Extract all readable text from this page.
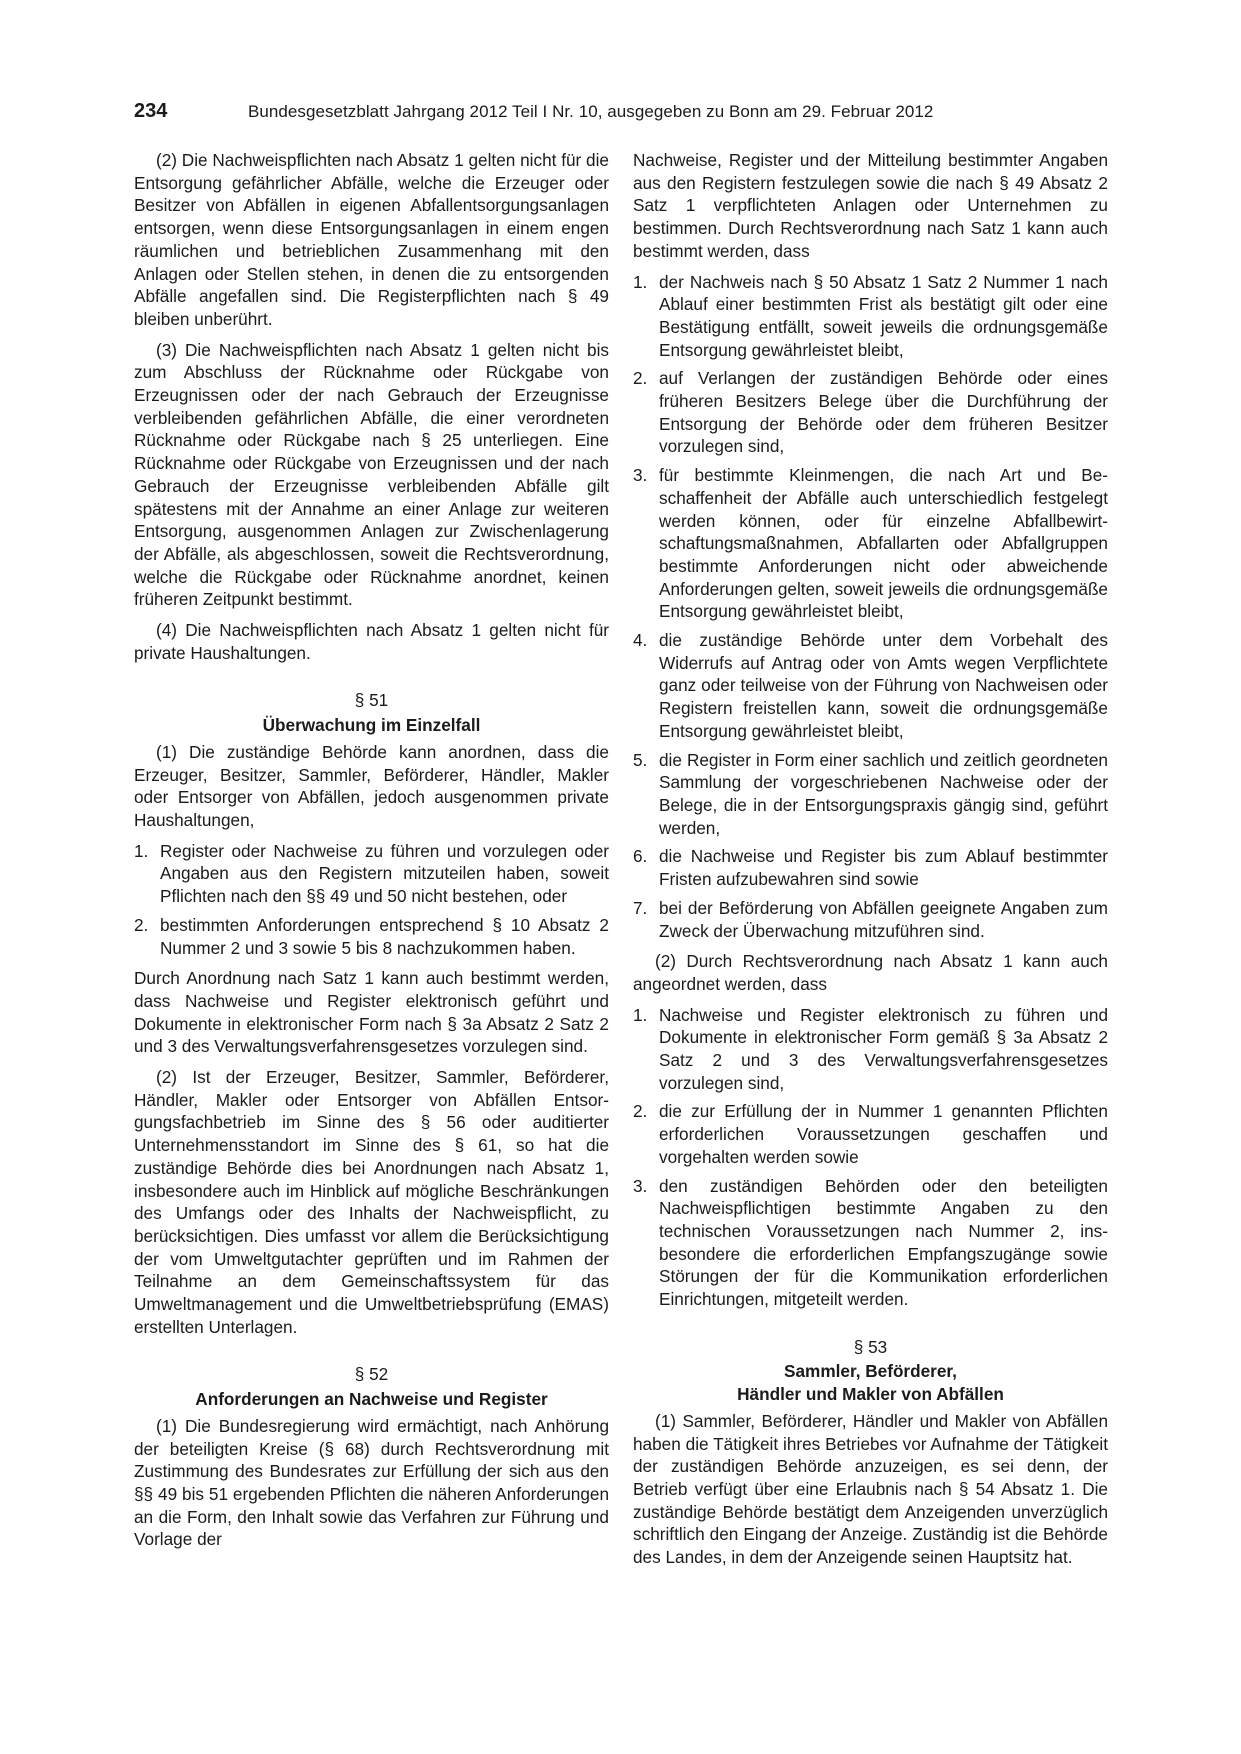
234	Bundesgesetzblatt Jahrgang 2012 Teil I Nr. 10, ausgegeben zu Bonn am 29. Februar 2012

(2) Die Nachweispflichten nach Absatz 1 gelten nicht für die Entsorgung gefährlicher Abfälle, welche die Erzeuger oder Besitzer von Abfällen in eigenen Abfallentsorgungsanlagen entsorgen, wenn diese Entsorgungsanlagen in einem engen räumlichen und betrieblichen Zusammenhang mit den Anlagen oder Stellen stehen, in denen die zu entsorgenden Abfälle angefallen sind. Die Registerpflichten nach § 49 bleiben unberührt.

(3) Die Nachweispflichten nach Absatz 1 gelten nicht bis zum Abschluss der Rücknahme oder Rückgabe von Erzeugnissen oder der nach Gebrauch der Erzeugnisse verbleibenden gefährlichen Abfälle, die einer verordneten Rücknahme oder Rückgabe nach § 25 unterliegen. Eine Rücknahme oder Rückgabe von Erzeugnissen und der nach Gebrauch der Erzeugnisse verbleibenden Abfälle gilt spätestens mit der Annahme an einer Anlage zur weiteren Entsorgung, ausgenommen Anlagen zur Zwischenlagerung der Abfälle, als abgeschlossen, soweit die Rechtsverordnung, welche die Rückgabe oder Rücknahme anordnet, keinen früheren Zeitpunkt bestimmt.

(4) Die Nachweispflichten nach Absatz 1 gelten nicht für private Haushaltungen.

§ 51
Überwachung im Einzelfall

(1) Die zuständige Behörde kann anordnen, dass die Erzeuger, Besitzer, Sammler, Beförderer, Händler, Makler oder Entsorger von Abfällen, jedoch ausgenommen private Haushaltungen,

1. Register oder Nachweise zu führen und vorzulegen oder Angaben aus den Registern mitzuteilen haben, soweit Pflichten nach den §§ 49 und 50 nicht bestehen, oder
2. bestimmten Anforderungen entsprechend § 10 Absatz 2 Nummer 2 und 3 sowie 5 bis 8 nachzukommen haben.

Durch Anordnung nach Satz 1 kann auch bestimmt werden, dass Nachweise und Register elektronisch geführt und Dokumente in elektronischer Form nach § 3a Absatz 2 Satz 2 und 3 des Verwaltungsverfahrensgesetzes vorzulegen sind.

(2) Ist der Erzeuger, Besitzer, Sammler, Beförderer, Händler, Makler oder Entsorger von Abfällen Entsorgungsfachbetrieb im Sinne des § 56 oder auditierter Unternehmensstandort im Sinne des § 61, so hat die zuständige Behörde dies bei Anordnungen nach Absatz 1, insbesondere auch im Hinblick auf mögliche Beschränkungen des Umfangs oder des Inhalts der Nachweispflicht, zu berücksichtigen. Dies umfasst vor allem die Berücksichtigung der vom Umweltgutachter geprüften und im Rahmen der Teilnahme an dem Gemeinschaftssystem für das Umweltmanagement und die Umweltbetriebsprüfung (EMAS) erstellten Unterlagen.

§ 52
Anforderungen an Nachweise und Register

(1) Die Bundesregierung wird ermächtigt, nach Anhörung der beteiligten Kreise (§ 68) durch Rechtsverordnung mit Zustimmung des Bundesrates zur Erfüllung der sich aus den §§ 49 bis 51 ergebenden Pflichten die näheren Anforderungen an die Form, den Inhalt sowie das Verfahren zur Führung und Vorlage der

Nachweise, Register und der Mitteilung bestimmter Angaben aus den Registern festzulegen sowie die nach § 49 Absatz 2 Satz 1 verpflichteten Anlagen oder Unternehmen zu bestimmen. Durch Rechtsverordnung nach Satz 1 kann auch bestimmt werden, dass

1. der Nachweis nach § 50 Absatz 1 Satz 2 Nummer 1 nach Ablauf einer bestimmten Frist als bestätigt gilt oder eine Bestätigung entfällt, soweit jeweils die ordnungsgemäße Entsorgung gewährleistet bleibt,
2. auf Verlangen der zuständigen Behörde oder eines früheren Besitzers Belege über die Durchführung der Entsorgung der Behörde oder dem früheren Besitzer vorzulegen sind,
3. für bestimmte Kleinmengen, die nach Art und Beschaffenheit der Abfälle auch unterschiedlich festgelegt werden können, oder für einzelne Abfallbewirtschaftungsmaßnahmen, Abfallarten oder Abfallgruppen bestimmte Anforderungen nicht oder abweichende Anforderungen gelten, soweit jeweils die ordnungsgemäße Entsorgung gewährleistet bleibt,
4. die zuständige Behörde unter dem Vorbehalt des Widerrufs auf Antrag oder von Amts wegen Verpflichtete ganz oder teilweise von der Führung von Nachweisen oder Registern freistellen kann, soweit die ordnungsgemäße Entsorgung gewährleistet bleibt,
5. die Register in Form einer sachlich und zeitlich geordneten Sammlung der vorgeschriebenen Nachweise oder der Belege, die in der Entsorgungspraxis gängig sind, geführt werden,
6. die Nachweise und Register bis zum Ablauf bestimmter Fristen aufzubewahren sind sowie
7. bei der Beförderung von Abfällen geeignete Angaben zum Zweck der Überwachung mitzuführen sind.

(2) Durch Rechtsverordnung nach Absatz 1 kann auch angeordnet werden, dass

1. Nachweise und Register elektronisch zu führen und Dokumente in elektronischer Form gemäß § 3a Absatz 2 Satz 2 und 3 des Verwaltungsverfahrensgesetzes vorzulegen sind,
2. die zur Erfüllung der in Nummer 1 genannten Pflichten erforderlichen Voraussetzungen geschaffen und vorgehalten werden sowie
3. den zuständigen Behörden oder den beteiligten Nachweispflichtigen bestimmte Angaben zu den technischen Voraussetzungen nach Nummer 2, insbesondere die erforderlichen Empfangszugänge sowie Störungen der für die Kommunikation erforderlichen Einrichtungen, mitgeteilt werden.
§ 53
Sammler, Beförderer,
Händler und Makler von Abfällen

(1) Sammler, Beförderer, Händler und Makler von Abfällen haben die Tätigkeit ihres Betriebes vor Aufnahme der Tätigkeit der zuständigen Behörde anzuzeigen, es sei denn, der Betrieb verfügt über eine Erlaubnis nach § 54 Absatz 1. Die zuständige Behörde bestätigt dem Anzeigenden unverzüglich schriftlich den Eingang der Anzeige. Zuständig ist die Behörde des Landes, in dem der Anzeigende seinen Hauptsitz hat.
